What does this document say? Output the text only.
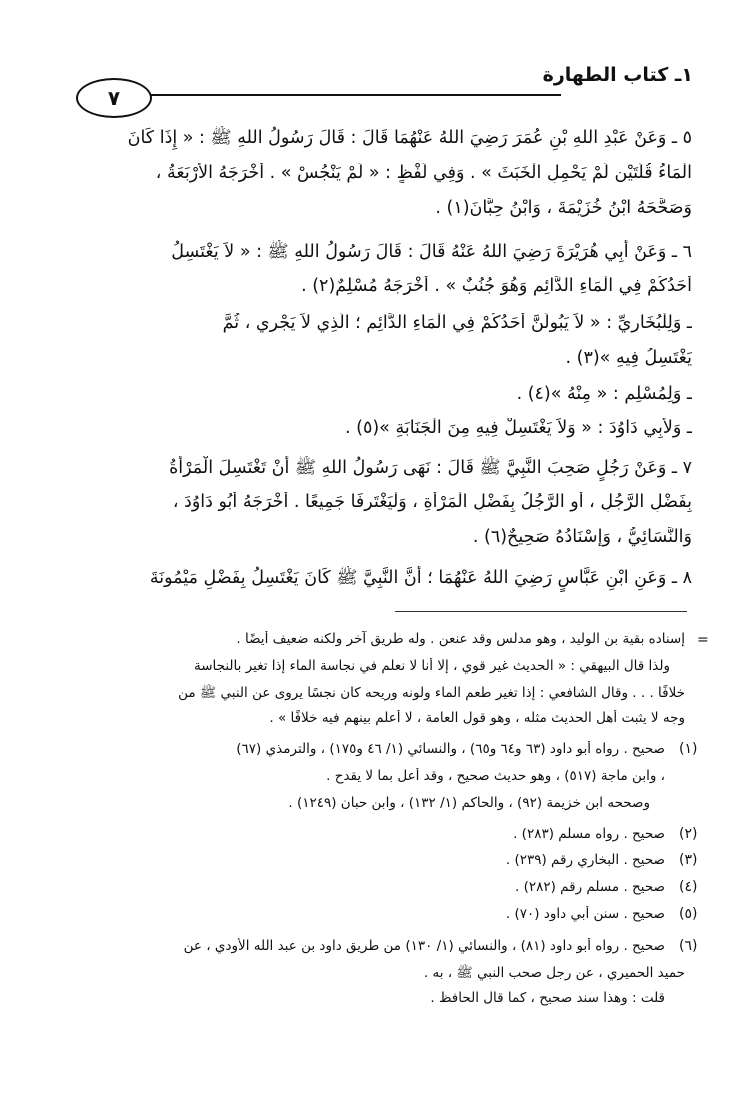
١ـ كتاب الطهارة
٧
٥ ـ وَعَنْ عَبْدِ اللهِ بْنِ عُمَرَ رَضِيَ اللهُ عَنْهُمَا قَالَ : قَالَ رَسُولُ اللهِ ﷺ : « إِذَا كَانَ
الْمَاءُ قُلَّتَيْنِ لَمْ يَحْمِلِ الْخَبَثَ » . وَفِي لَفْظٍ : « لَمْ يَنْجُسْ » . أَخْرَجَهُ الأَرْبَعَةُ ،
وَصَحَّحَهُ ابْنُ خُزَيْمَةَ ، وَابْنُ حِبَّانَ(١) .
٦ ـ وَعَنْ أَبِي هُرَيْرَةَ رَضِيَ اللهُ عَنْهُ قَالَ : قَالَ رَسُولُ اللهِ ﷺ : « لاَ يَغْتَسِلُ
أَحَدُكُمْ فِي الْمَاءِ الدَّائِمِ وَهُوَ جُنُبٌ » . أَخْرَجَهُ مُسْلِمٌ(٢) .
ـ وَلِلْبُخَارِيِّ : « لاَ يَبُولَنَّ أَحَدُكُمْ فِي الْمَاءِ الدَّائِمِ ؛ الَّذِي لاَ يَجْرِي ، ثُمَّ
يَغْتَسِلُ فِيهِ »(٣) .
ـ وَلِمُسْلِمٍ : « مِنْهُ »(٤) .
ـ وَلأَبِي دَاوُدَ : « وَلاَ يَغْتَسِلْ فِيهِ مِنَ الْجَنَابَةِ »(٥) .
٧ ـ وَعَنْ رَجُلٍ صَحِبَ النَّبِيَّ ﷺ قَالَ : نَهَى رَسُولُ اللهِ ﷺ أَنْ تَغْتَسِلَ الْمَرْأَةُ
بِفَضْلِ الرَّجُلِ ، أَوِ الرَّجُلُ بِفَضْلِ الْمَرْأَةِ ، وَلْيَغْتَرِفَا جَمِيعًا . أَخْرَجَهُ أَبُو دَاوُدَ ،
وَالنَّسَائِيُّ ، وَإِسْنَادُهُ صَحِيحٌ(٦) .
٨ ـ وَعَنِ ابْنِ عَبَّاسٍ رَضِيَ اللهُ عَنْهُمَا ؛ أَنَّ النَّبِيَّ ﷺ كَانَ يَغْتَسِلُ بِفَضْلِ مَيْمُونَةَ
=
إسناده بقية بن الوليد ، وهو مدلس وقد عنعن . وله طريق آخر ولكنه ضعيف أيضًا .
ولذا قال البيهقي : « الحديث غير قوي ، إلا أنا لا نعلم في نجاسة الماء إذا تغير بالنجاسة
خلافًا . . . وقال الشافعي : إذا تغير طعم الماء ولونه وريحه كان نجسًا يروى عن النبي ﷺ من
وجه لا يثبت أهل الحديث مثله ، وهو قول العامة ، لا أعلم بينهم فيه خلافًا » .
(١)
صحيح . رواه أبو داود (٦٣ و٦٤ و٦٥) ، والنسائي (١/ ٤٦ و١٧٥) ، والترمذي (٦٧)
، وابن ماجة (٥١٧) ، وهو حديث صحيح ، وقد أعل بما لا يقدح .
وصححه ابن خزيمة (٩٢) ، والحاكم (١/ ١٣٢) ، وابن حبان (١٢٤٩) .
(٢)
صحيح . رواه مسلم (٢٨٣) .
(٣)
صحيح . البخاري رقم (٢٣٩) .
(٤)
صحيح . مسلم رقم (٢٨٢) .
(٥)
صحيح . سنن أبي داود (٧٠) .
(٦)
صحيح . رواه أبو داود (٨١) ، والنسائي (١/ ١٣٠) من طريق داود بن عبد الله الأودي ، عن
حميد الحميري ، عن رجل صحب النبي ﷺ ، به .
قلت : وهذا سند صحيح ، كما قال الحافظ .
